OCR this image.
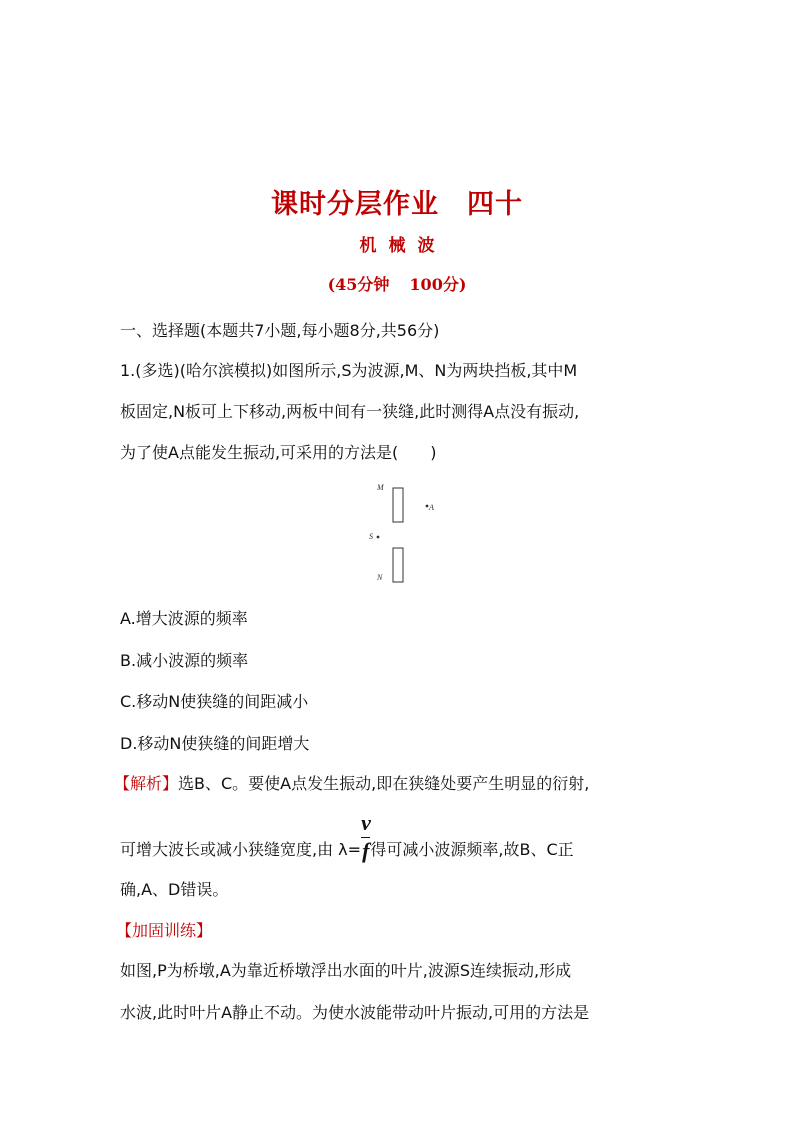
课时分层作业 四十
机 械 波
(45分钟 100分)
一、选择题(本题共7小题,每小题8分,共56分)
1.(多选)(哈尔滨模拟)如图所示,S为波源,M、N为两块挡板,其中M
板固定,N板可上下移动,两板中间有一狭缝,此时测得A点没有振动,
为了使A点能发生振动,可采用的方法是(　　)
M
A
S
N
A.增大波源的频率
B.减小波源的频率
C.移动N使狭缝的间距减小
D.移动N使狭缝的间距增大
【解析】选B、C。要使A点发生振动,即在狭缝处要产生明显的衍射,
可增大波长或减小狭缝宽度,由 $\lambda= \frac{v}{f}$得可减小波源频率,故B、C正
确,A、D错误。
【加固训练】
如图,P为桥墩,A为靠近桥墩浮出水面的叶片,波源S连续振动,形成
水波,此时叶片A静止不动。为使水波能带动叶片振动,可用的方法是
